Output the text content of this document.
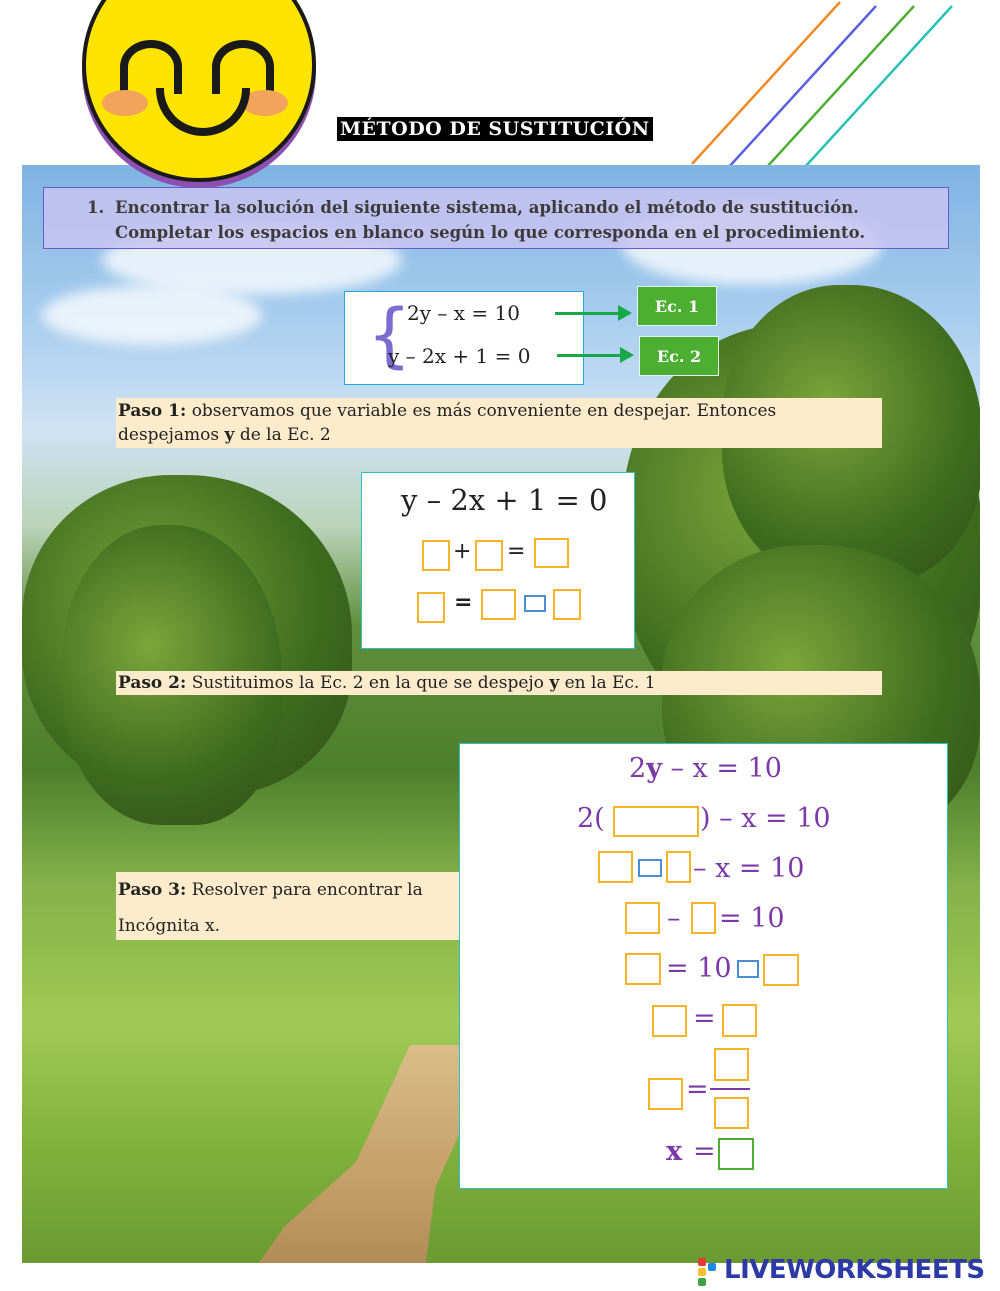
MÉTODO DE SUSTITUCIÓN
1. Encontrar la solución del siguiente sistema, aplicando el método de sustitución.
Completar los espacios en blanco según lo que corresponda en el procedimiento.
{
2y – x = 10
y – 2x + 1 = 0
Ec. 1
Ec. 2
Paso 1: observamos que variable es más conveniente en despejar. Entonces
despejamos y de la Ec. 2
y – 2x + 1 = 0
+ =
=
Paso 2: Sustituimos la Ec. 2 en la que se despejo y en la Ec. 1
Paso 3: Resolver para encontrar la
Incógnita x.
2y – x = 10
2(	) – x = 10
– x = 10
– = 10
= 10
=
=
x =
LIVEWORKSHEETS
